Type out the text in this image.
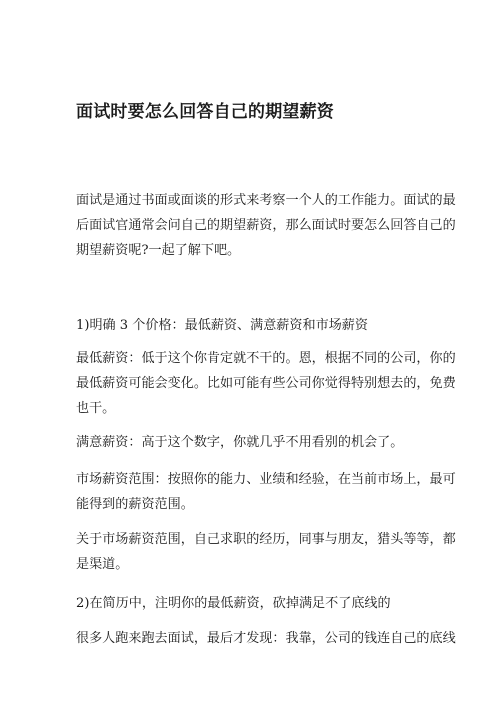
面试时要怎么回答自己的期望薪资
面试是通过书面或面谈的形式来考察一个人的工作能力。面试的最
后面试官通常会问自己的期望薪资，那么面试时要怎么回答自己的
期望薪资呢?一起了解下吧。
1)明确 3 个价格：最低薪资、满意薪资和市场薪资
最低薪资：低于这个你肯定就不干的。恩，根据不同的公司，你的
最低薪资可能会变化。比如可能有些公司你觉得特别想去的，免费
也干。
满意薪资：高于这个数字，你就几乎不用看别的机会了。
市场薪资范围：按照你的能力、业绩和经验，在当前市场上，最可
能得到的薪资范围。
关于市场薪资范围，自己求职的经历，同事与朋友，猎头等等，都
是渠道。
2)在简历中，注明你的最低薪资，砍掉满足不了底线的
很多人跑来跑去面试，最后才发现：我靠，公司的钱连自己的底线
